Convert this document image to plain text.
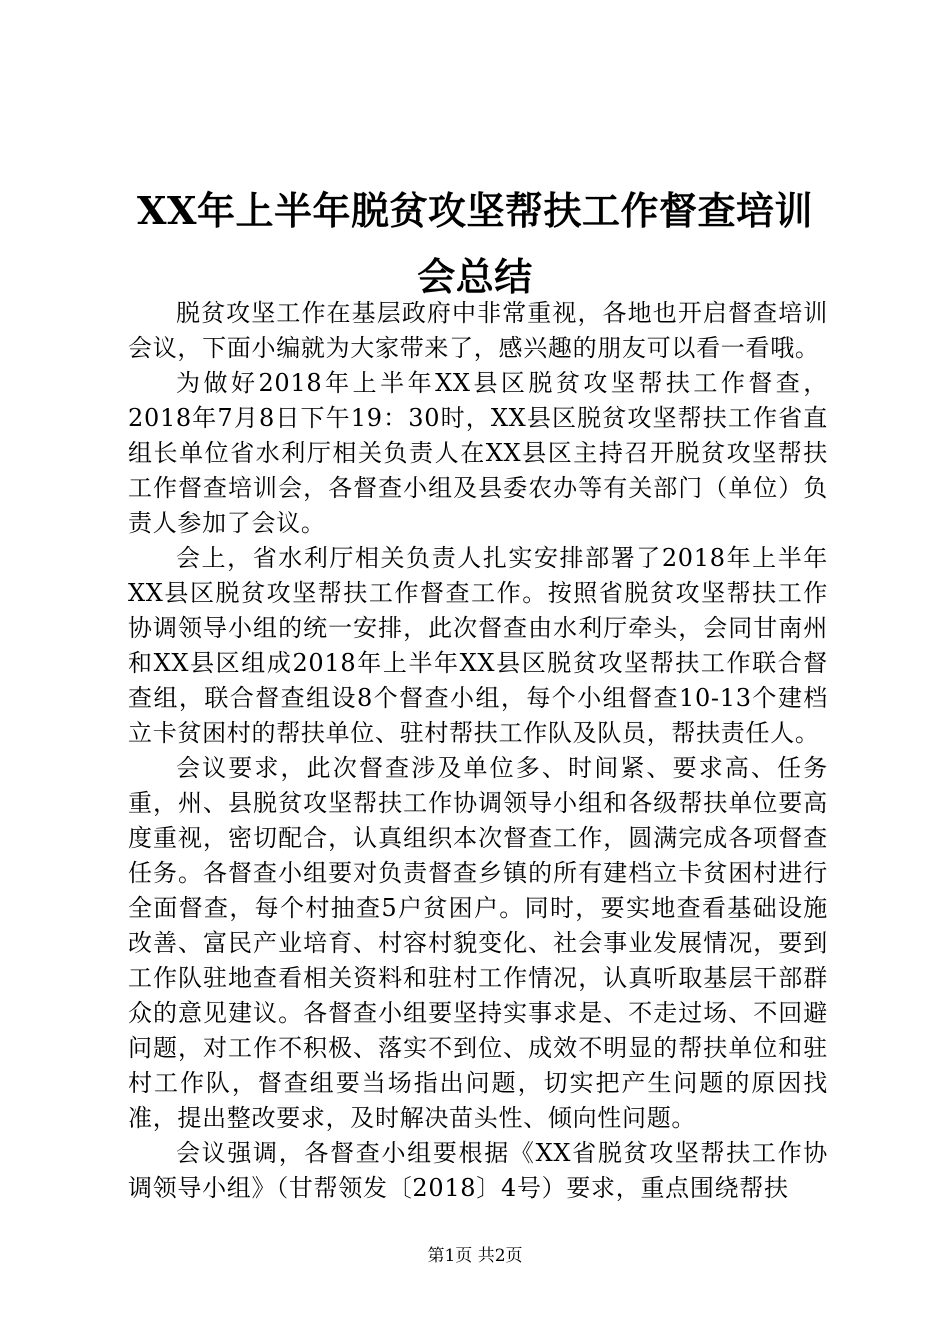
XX年上半年脱贫攻坚帮扶工作督查培训会总结

脱贫攻坚工作在基层政府中非常重视，各地也开启督查培训会议，下面小编就为大家带来了，感兴趣的朋友可以看一看哦。

为做好2018年上半年XX县区脱贫攻坚帮扶工作督查，2018年7月8日下午19：30时，XX县区脱贫攻坚帮扶工作省直组长单位省水利厅相关负责人在XX县区主持召开脱贫攻坚帮扶工作督查培训会，各督查小组及县委农办等有关部门（单位）负责人参加了会议。

会上，省水利厅相关负责人扎实安排部署了2018年上半年XX县区脱贫攻坚帮扶工作督查工作。按照省脱贫攻坚帮扶工作协调领导小组的统一安排，此次督查由水利厅牵头，会同甘南州和XX县区组成2018年上半年XX县区脱贫攻坚帮扶工作联合督查组，联合督查组设8个督查小组，每个小组督查10-13个建档立卡贫困村的帮扶单位、驻村帮扶工作队及队员，帮扶责任人。

会议要求，此次督查涉及单位多、时间紧、要求高、任务重，州、县脱贫攻坚帮扶工作协调领导小组和各级帮扶单位要高度重视，密切配合，认真组织本次督查工作，圆满完成各项督查任务。各督查小组要对负责督查乡镇的所有建档立卡贫困村进行全面督查，每个村抽查5户贫困户。同时，要实地查看基础设施改善、富民产业培育、村容村貌变化、社会事业发展情况，要到工作队驻地查看相关资料和驻村工作情况，认真听取基层干部群众的意见建议。各督查小组要坚持实事求是、不走过场、不回避问题，对工作不积极、落实不到位、成效不明显的帮扶单位和驻村工作队，督查组要当场指出问题，切实把产生问题的原因找准，提出整改要求，及时解决苗头性、倾向性问题。

会议强调，各督查小组要根据《XX省脱贫攻坚帮扶工作协调领导小组》（甘帮领发〔2018〕4号）要求，重点围绕帮扶

第1页 共2页
